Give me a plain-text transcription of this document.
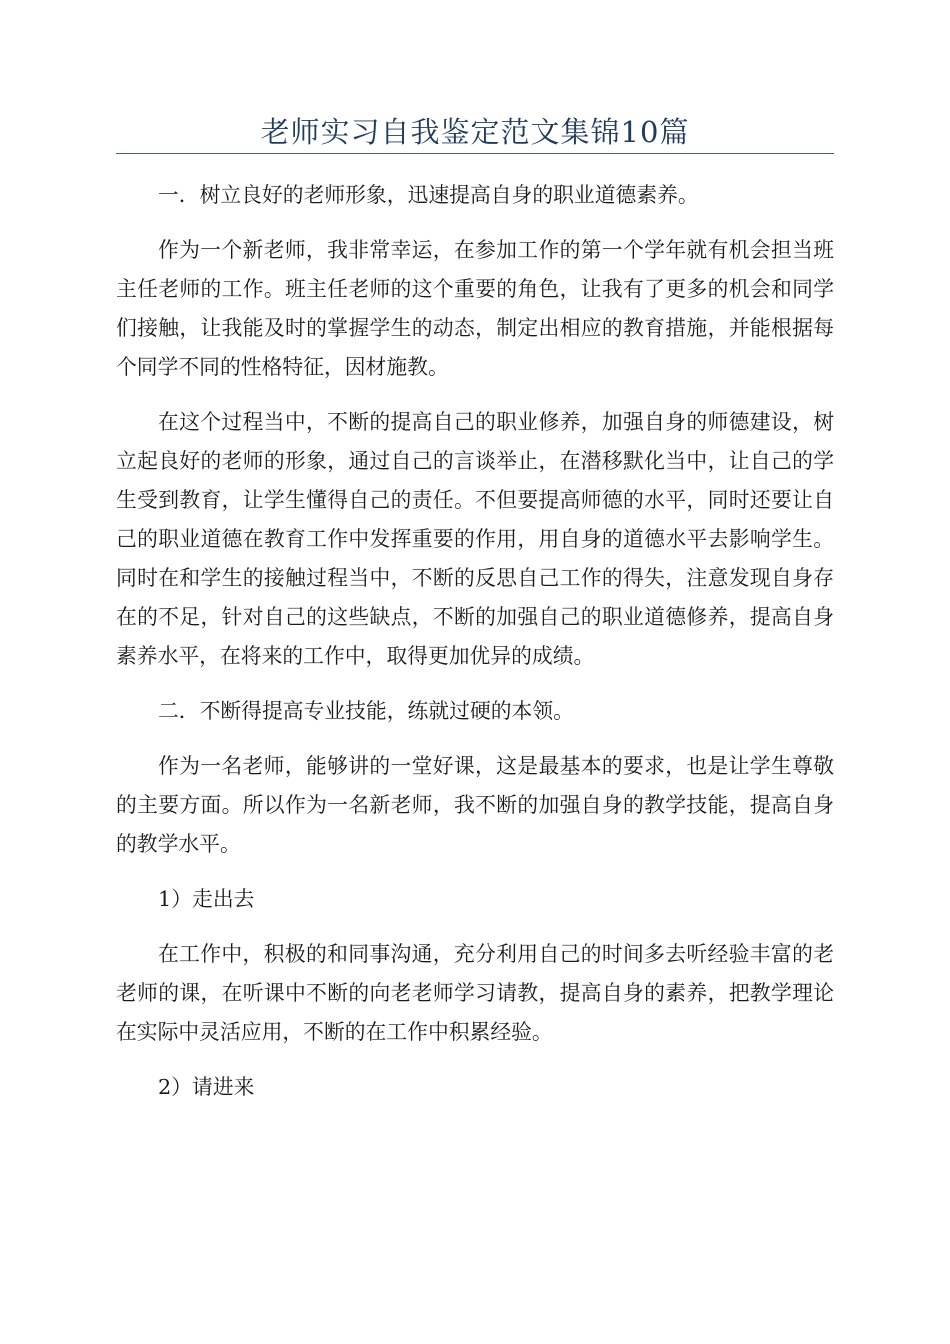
老师实习自我鉴定范文集锦10篇

一．树立良好的老师形象，迅速提高自身的职业道德素养。

作为一个新老师，我非常幸运，在参加工作的第一个学年就有机会担当班主任老师的工作。班主任老师的这个重要的角色，让我有了更多的机会和同学们接触，让我能及时的掌握学生的动态，制定出相应的教育措施，并能根据每个同学不同的性格特征，因材施教。

在这个过程当中，不断的提高自己的职业修养，加强自身的师德建设，树立起良好的老师的形象，通过自己的言谈举止，在潜移默化当中，让自己的学生受到教育，让学生懂得自己的责任。不但要提高师德的水平，同时还要让自己的职业道德在教育工作中发挥重要的作用，用自身的道德水平去影响学生。同时在和学生的接触过程当中，不断的反思自己工作的得失，注意发现自身存在的不足，针对自己的这些缺点，不断的加强自己的职业道德修养，提高自身素养水平，在将来的工作中，取得更加优异的成绩。

二．不断得提高专业技能，练就过硬的本领。

作为一名老师，能够讲的一堂好课，这是最基本的要求，也是让学生尊敬的主要方面。所以作为一名新老师，我不断的加强自身的教学技能，提高自身的教学水平。

1）走出去

在工作中，积极的和同事沟通，充分利用自己的时间多去听经验丰富的老老师的课，在听课中不断的向老老师学习请教，提高自身的素养，把教学理论在实际中灵活应用，不断的在工作中积累经验。

2）请进来
